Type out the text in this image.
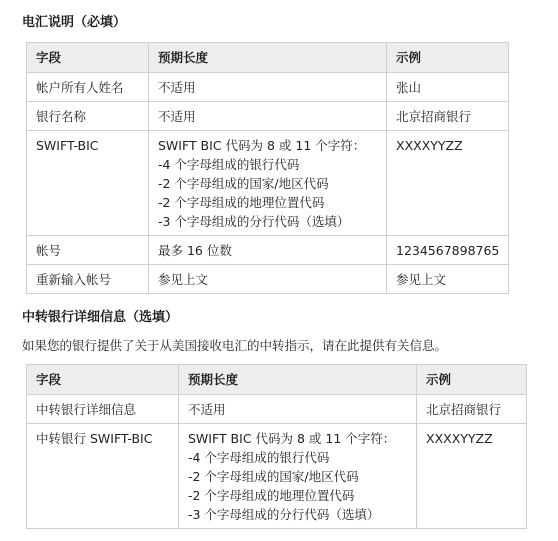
电汇说明（必填）
字段	预期长度	示例
帐户所有人姓名	不适用	张山
银行名称	不适用	北京招商银行
SWIFT-BIC	SWIFT BIC 代码为 8 或 11 个字符：
-4 个字母组成的银行代码
-2 个字母组成的国家/地区代码
-2 个字母组成的地理位置代码
-3 个字母组成的分行代码（选填）	XXXXYYZZ
帐号	最多 16 位数	1234567898765
重新输入帐号	参见上文	参见上文
中转银行详细信息（选填）

如果您的银行提供了关于从美国接收电汇的中转指示，请在此提供有关信息。

字段	预期长度	示例
中转银行详细信息	不适用	北京招商银行
中转银行 SWIFT-BIC	SWIFT BIC 代码为 8 或 11 个字符：
-4 个字母组成的银行代码
-2 个字母组成的国家/地区代码
-2 个字母组成的地理位置代码
-3 个字母组成的分行代码（选填）	XXXXYYZZ
